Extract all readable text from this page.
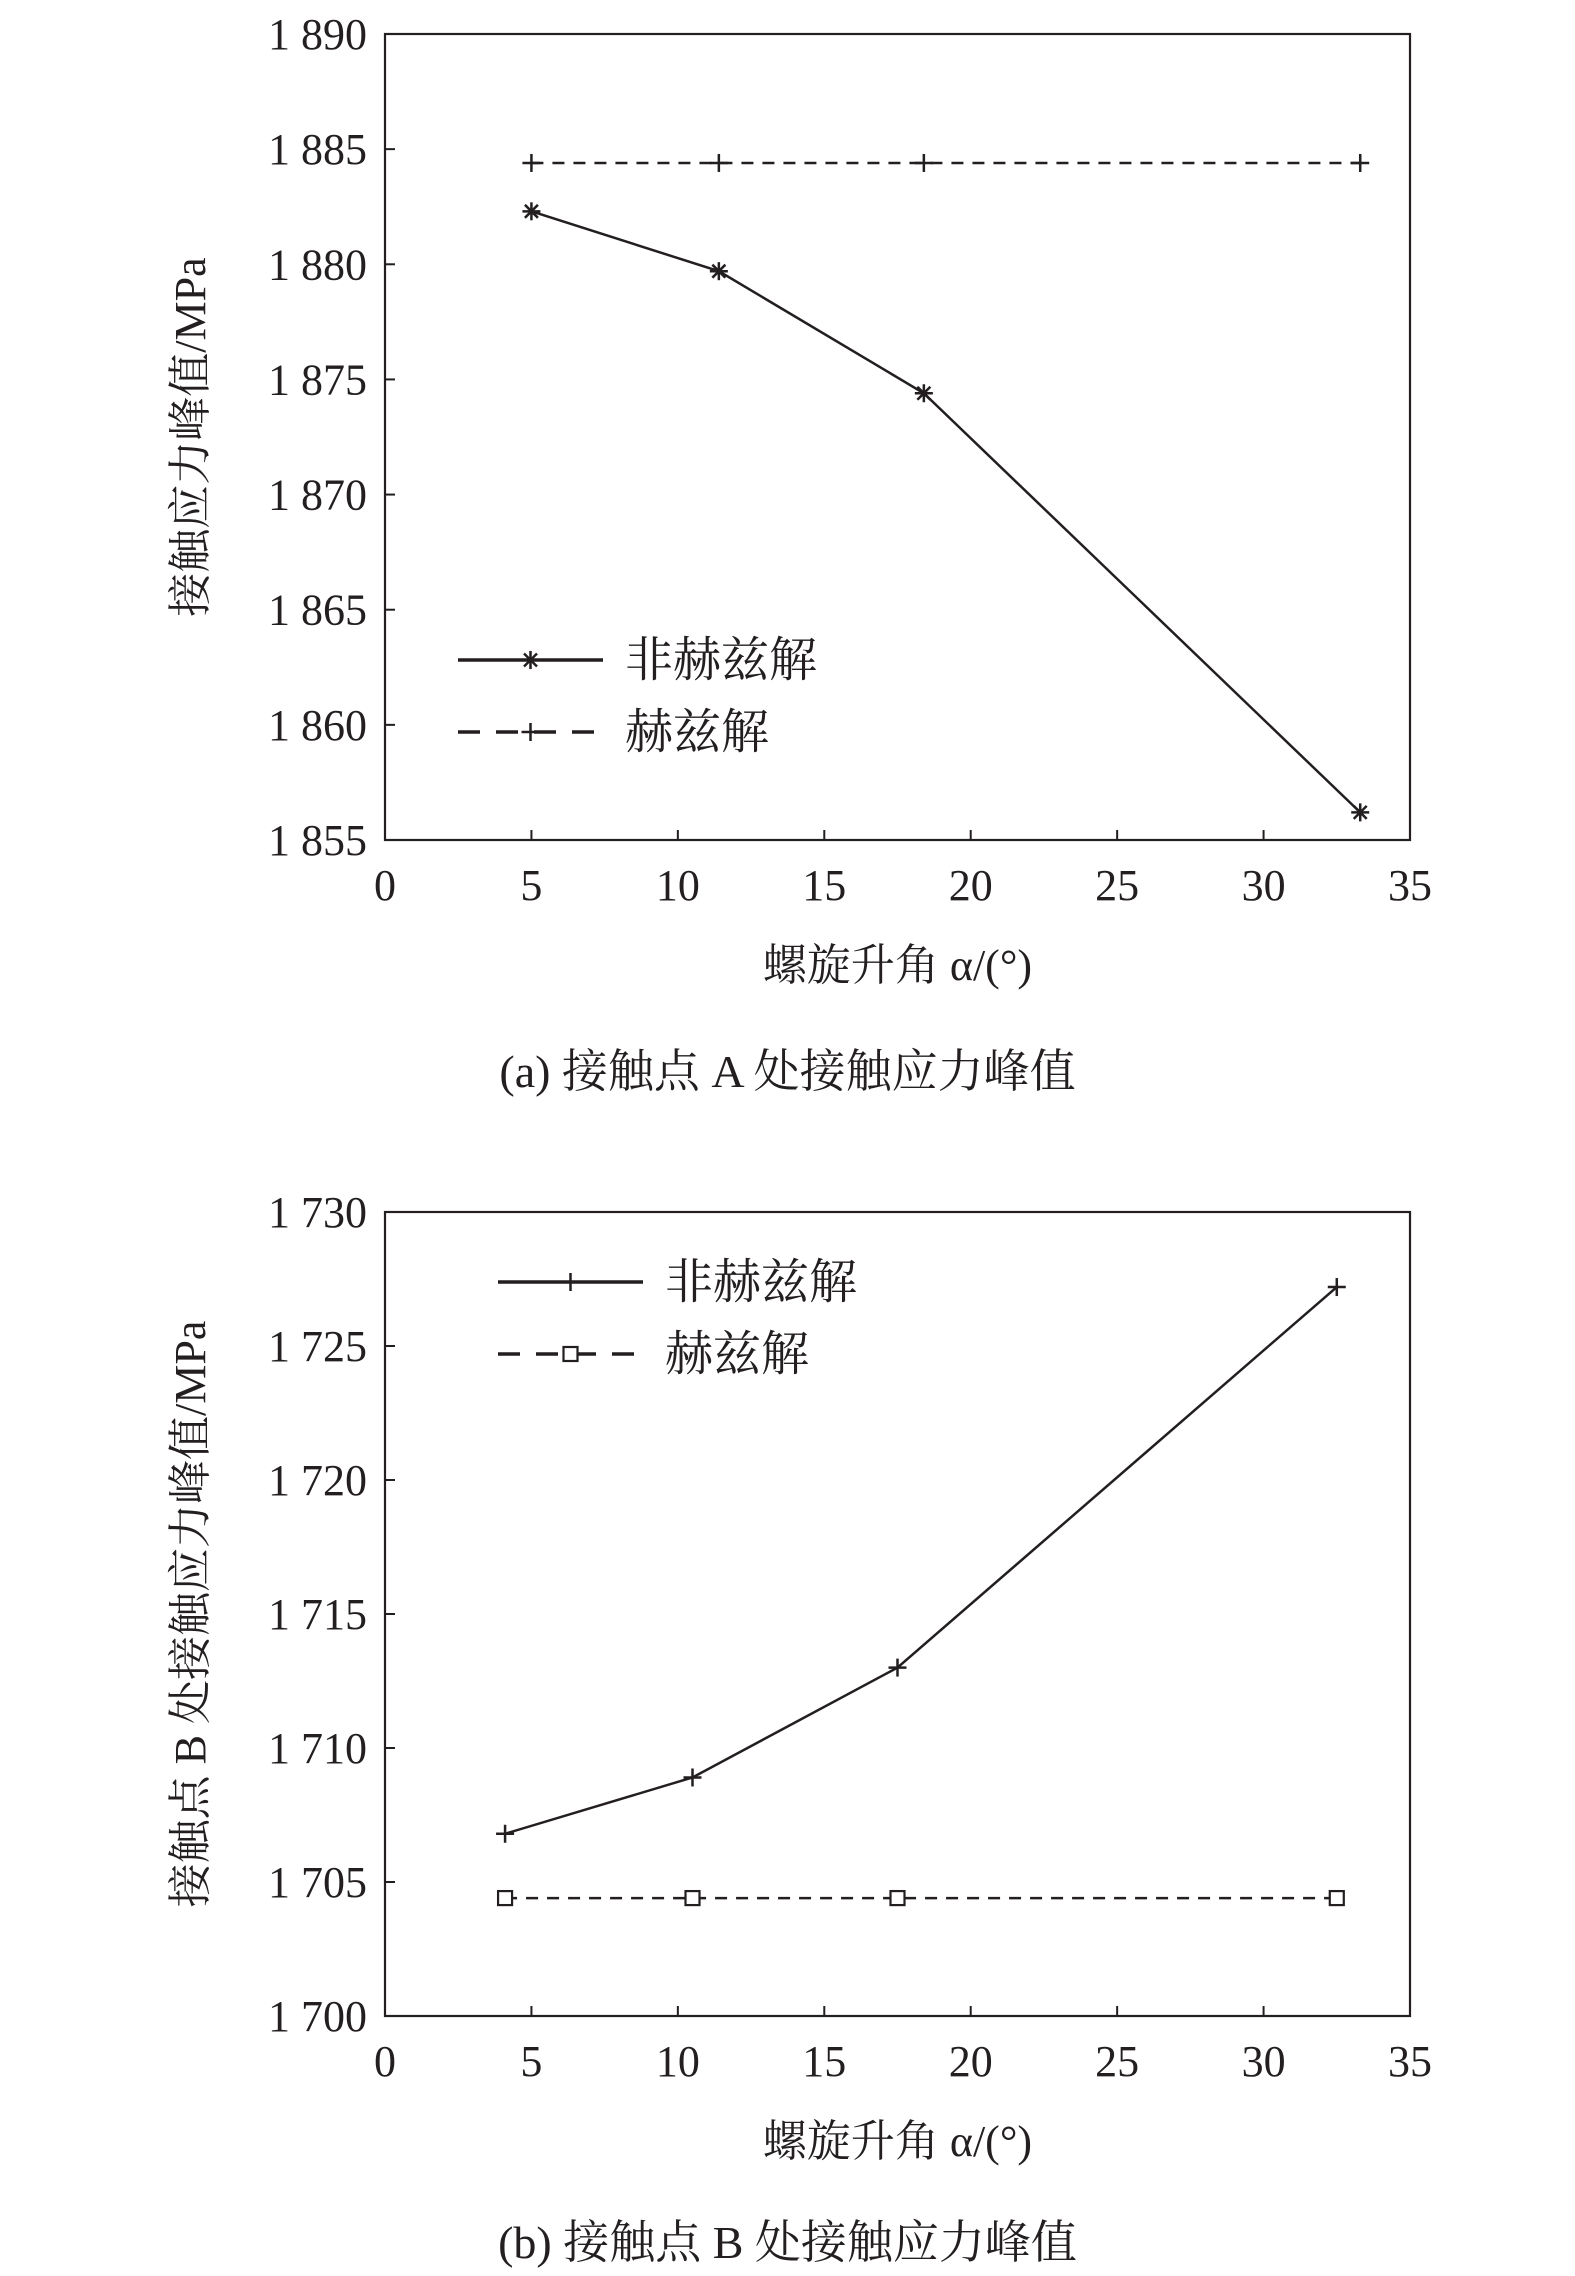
1 855
1 860
1 865
1 870
1 875
1 880
1 885
1 890
0	5	10 15 20 25 30 35
螺旋升角 α/(°)
接触应力峰值/MPa
非赫兹解
赫兹解
(a) 接触点 A 处接触应力峰值
1 700
1 705
1 710
1 715
1 720
1 725
1 730
0	5	10 15 20 25 30 35
螺旋升角 α/(°)
接触点 B 处接触应力峰值/MPa
非赫兹解
赫兹解
(b) 接触点 B 处接触应力峰值
